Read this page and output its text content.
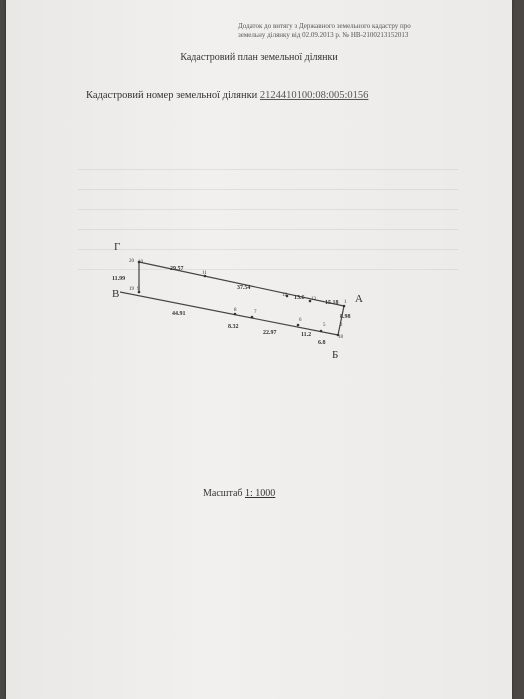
Додаток до витягу з Державного земельного кадастру про
земельну ділянку від 02.09.2013 р. № НВ-2100213152013
Кадастровий план земельної ділянки
Кадастровий номер земельної ділянки 2124410100:08:005:0156
Г
В	А
Б
11.99
29.57
37.54
13.6
15.18
8.98
44.91
8.32
22.97	11.2
6.8
20 10
11
12
13
1
2
18
5
6
7
8
19 9
Масштаб 1: 1000
